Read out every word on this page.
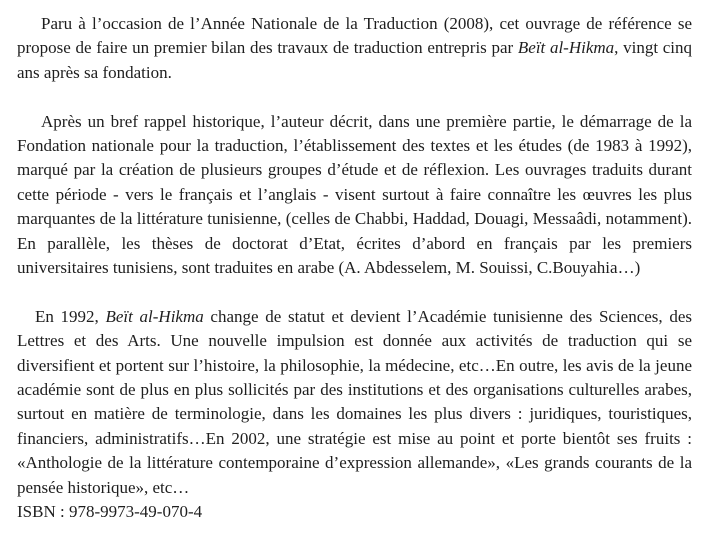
Paru à l’occasion de l’Année Nationale de la Traduction (2008), cet ouvrage de référence se propose de faire un premier bilan des travaux de traduction entrepris par Beït al-Hikma, vingt cinq ans après sa fondation.

Après un bref rappel historique, l’auteur décrit, dans une première partie, le démarrage de la Fondation nationale pour la traduction, l’établissement des textes et les études (de 1983 à 1992), marqué par la création de plusieurs groupes d’étude et de réflexion. Les ouvrages traduits durant cette période - vers le français et l’anglais - visent surtout à faire connaître les œuvres les plus marquantes de la littérature tunisienne, (celles de Chabbi, Haddad, Douagi, Messaâdi, notamment). En parallèle, les thèses de doctorat d’Etat, écrites d’abord en français par les premiers universitaires tunisiens, sont traduites en arabe (A. Abdesselem, M. Souissi, C.Bouyahia…)

En 1992, Beït al-Hikma change de statut et devient l’Académie tunisienne des Sciences, des Lettres et des Arts. Une nouvelle impulsion est donnée aux activités de traduction qui se diversifient et portent sur l’histoire, la philosophie, la médecine, etc…En outre, les avis de la jeune académie sont de plus en plus sollicités par des institutions et des organisations culturelles arabes, surtout en matière de terminologie, dans les domaines les plus divers : juridiques, touristiques, financiers, administratifs…En 2002, une stratégie est mise au point et porte bientôt ses fruits : «Anthologie de la littérature contemporaine d’expression allemande», «Les grands courants de la pensée historique», etc…

ISBN : 978-9973-49-070-4
